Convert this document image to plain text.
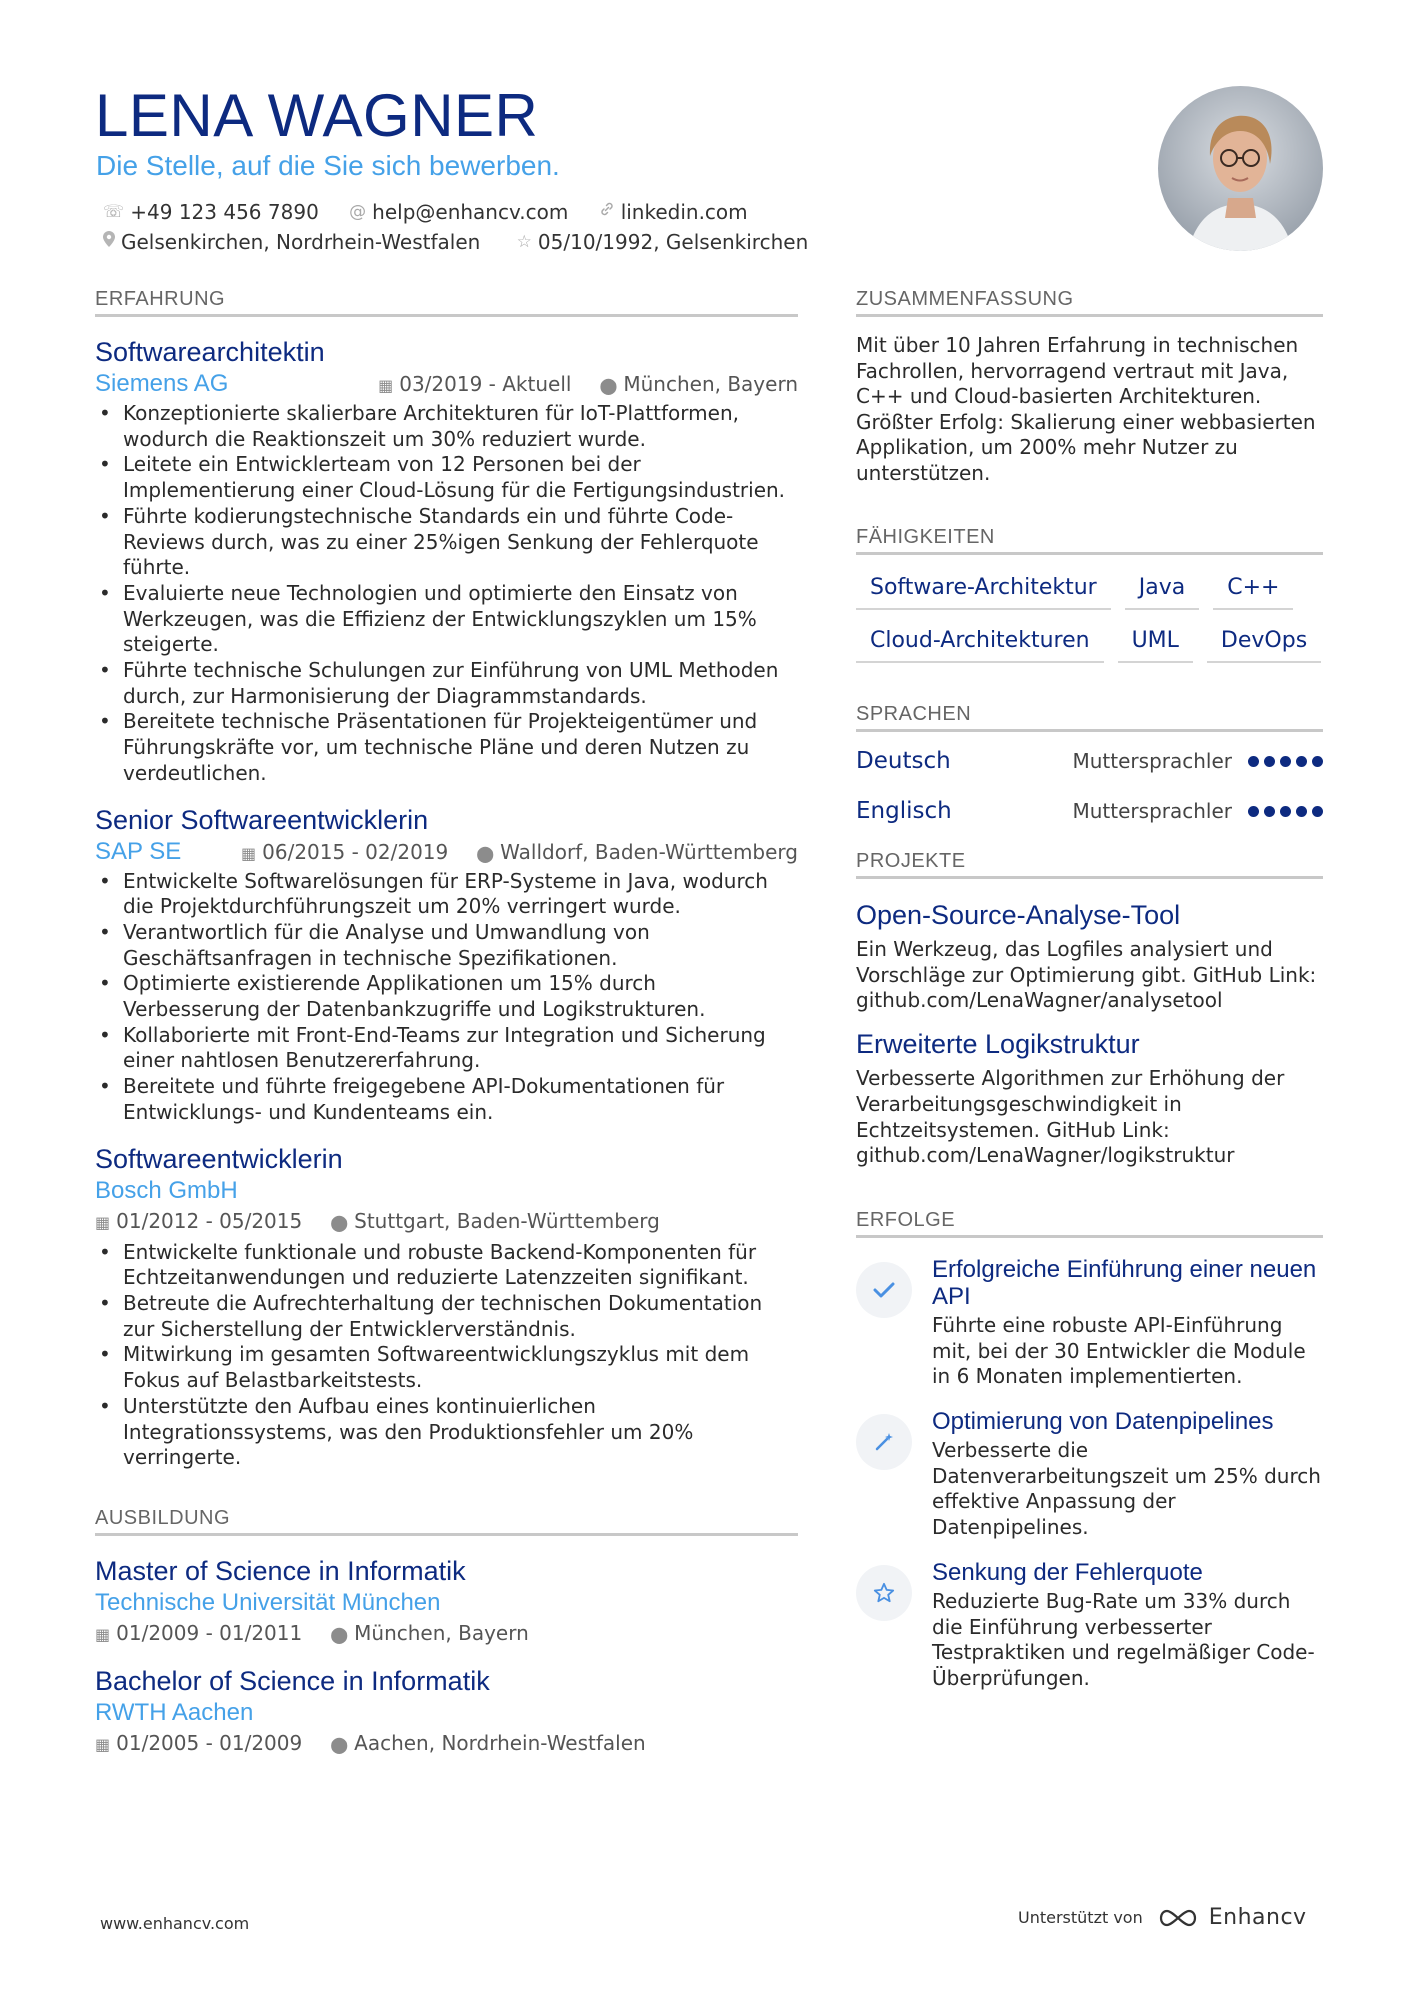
LENA WAGNER
Die Stelle, auf die Sie sich bewerben.
☏ +49 123 456 7890
@ help@enhancv.com
	linkedin.com
Gelsenkirchen, Nordrhein-Westfalen
☆ 05/10/1992, Gelsenkirchen
ERFAHRUNG
Softwarearchitektin
Siemens AG	▦ 03/2019 - Aktuell ⬤ München, Bayern
• Konzeptionierte skalierbare Architekturen für IoT-Plattformen, wodurch die Reaktionszeit um 30% reduziert wurde.
• Leitete ein Entwicklerteam von 12 Personen bei der Implementierung einer Cloud-Lösung für die Fertigungsindustrien.
• Führte kodierungstechnische Standards ein und führte Code-Reviews durch, was zu einer 25%igen Senkung der Fehlerquote führte.
• Evaluierte neue Technologien und optimierte den Einsatz von Werkzeugen, was die Effizienz der Entwicklungszyklen um 15% steigerte.
• Führte technische Schulungen zur Einführung von UML Methoden durch, zur Harmonisierung der Diagrammstandards.
• Bereitete technische Präsentationen für Projekteigentümer und Führungskräfte vor, um technische Pläne und deren Nutzen zu verdeutlichen.
Senior Softwareentwicklerin
SAP SE	▦ 06/2015 - 02/2019 ⬤ Walldorf, Baden-Württemberg
• Entwickelte Softwarelösungen für ERP-Systeme in Java, wodurch die Projektdurchführungszeit um 20% verringert wurde.
• Verantwortlich für die Analyse und Umwandlung von Geschäftsanfragen in technische Spezifikationen.
• Optimierte existierende Applikationen um 15% durch Verbesserung der Datenbankzugriffe und Logikstrukturen.
• Kollaborierte mit Front-End-Teams zur Integration und Sicherung einer nahtlosen Benutzererfahrung.
• Bereitete und führte freigegebene API-Dokumentationen für Entwicklungs- und Kundenteams ein.
Softwareentwicklerin
Bosch GmbH
▦ 01/2012 - 05/2015 ⬤ Stuttgart, Baden-Württemberg
• Entwickelte funktionale und robuste Backend-Komponenten für Echtzeitanwendungen und reduzierte Latenzzeiten signifikant.
• Betreute die Aufrechterhaltung der technischen Dokumentation zur Sicherstellung der Entwicklerverständnis.
• Mitwirkung im gesamten Softwareentwicklungszyklus mit dem Fokus auf Belastbarkeitstests.
• Unterstützte den Aufbau eines kontinuierlichen Integrationssystems, was den Produktionsfehler um 20% verringerte.
AUSBILDUNG
Master of Science in Informatik
Technische Universität München
▦ 01/2009 - 01/2011 ⬤ München, Bayern
Bachelor of Science in Informatik
RWTH Aachen
▦ 01/2005 - 01/2009 ⬤ Aachen, Nordrhein-Westfalen
ZUSAMMENFASSUNG
Mit über 10 Jahren Erfahrung in technischen Fachrollen, hervorragend vertraut mit Java, C++ und Cloud-basierten Architekturen. Größter Erfolg: Skalierung einer webbasierten Applikation, um 200% mehr Nutzer zu unterstützen.
FÄHIGKEITEN
Software-Architektur	Java	C++
Cloud-Architekturen	UML	DevOps
SPRACHEN
Deutsch	Muttersprachler
Englisch	Muttersprachler
PROJEKTE
Open-Source-Analyse-Tool
Ein Werkzeug, das Logfiles analysiert und Vorschläge zur Optimierung gibt. GitHub Link: github.com/LenaWagner/analysetool
Erweiterte Logikstruktur
Verbesserte Algorithmen zur Erhöhung der Verarbeitungsgeschwindigkeit in Echtzeitsystemen. GitHub Link: github.com/LenaWagner/logikstruktur
ERFOLGE
Erfolgreiche Einführung einer neuen API
Führte eine robuste API-Einführung mit, bei der 30 Entwickler die Module in 6 Monaten implementierten.
Optimierung von Datenpipelines
Verbesserte die Datenverarbeitungszeit um 25% durch effektive Anpassung der Datenpipelines.
Senkung der Fehlerquote
Reduzierte Bug-Rate um 33% durch die Einführung verbesserter Testpraktiken und regelmäßiger Code-Überprüfungen.
www.enhancv.com	Unterstützt von	Enhancv
